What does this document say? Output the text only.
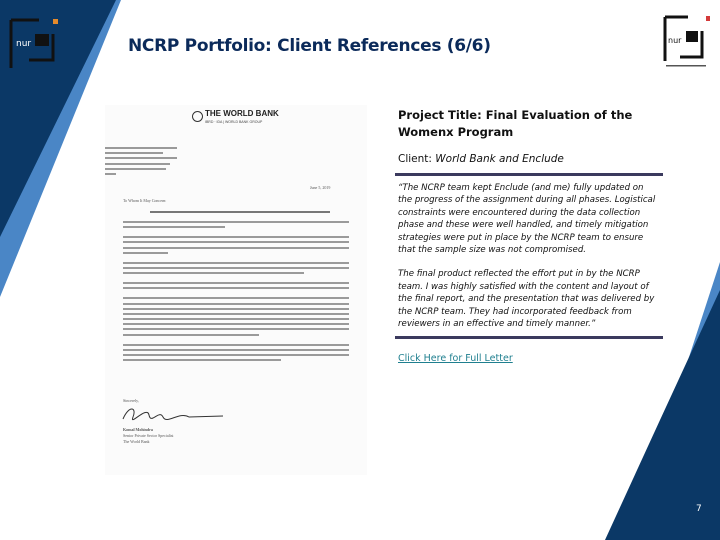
nur	nur
NCRP Portfolio: Client References (6/6)
THE WORLD BANK
IBRD · IDA | WORLD BANK GROUP
June 5, 2019
To Whom It May Concern:
Sincerely,
Komal Mohindra
Senior Private Sector Specialist
The World Bank
Project Title: Final Evaluation of the Womenx Program
Client: World Bank and Enclude

“The NCRP team kept Enclude (and me) fully updated on the progress of the assignment during all phases. Logistical constraints were encountered during the data collection phase and these were well handled, and timely mitigation strategies were put in place by the NCRP team to ensure that the sample size was not compromised.

The final product reflected the effort put in by the NCRP team. I was highly satisfied with the content and layout of the final report, and the presentation that was delivered by the NCRP team. They had incorporated feedback from reviewers in an effective and timely manner.”

Click Here for Full Letter
7
